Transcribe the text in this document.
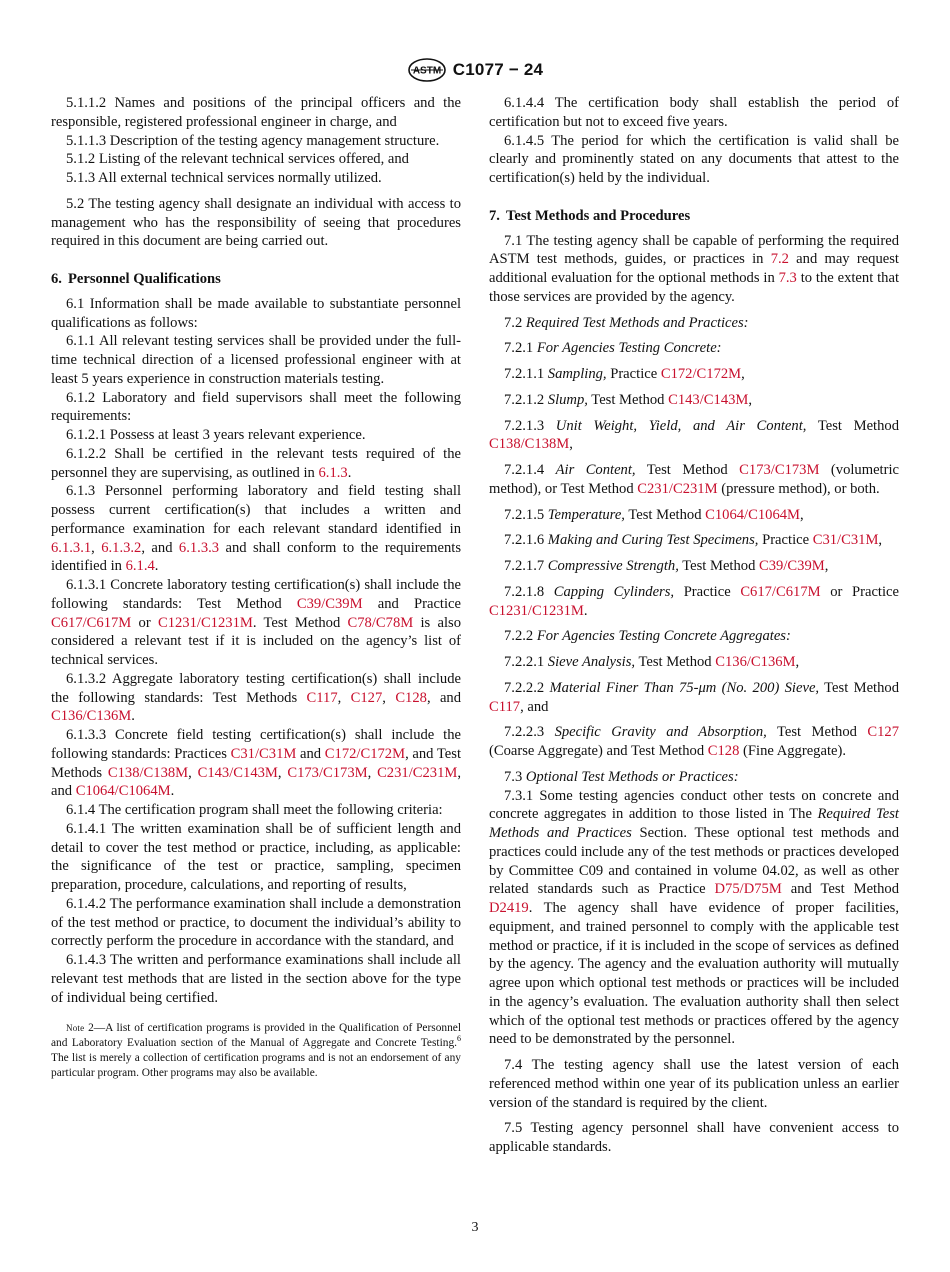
ASTM C1077 − 24

5.1.1.2 Names and positions of the principal officers and the responsible, registered professional engineer in charge, and

5.1.1.3 Description of the testing agency management structure.

5.1.2 Listing of the relevant technical services offered, and

5.1.3 All external technical services normally utilized.

5.2 The testing agency shall designate an individual with access to management who has the responsibility of seeing that procedures required in this document are being carried out.

6. Personnel Qualifications

6.1 Information shall be made available to substantiate personnel qualifications as follows:

6.1.1 All relevant testing services shall be provided under the full-time technical direction of a licensed professional engineer with at least 5 years experience in construction materials testing.

6.1.2 Laboratory and field supervisors shall meet the following requirements:

6.1.2.1 Possess at least 3 years relevant experience.

6.1.2.2 Shall be certified in the relevant tests required of the personnel they are supervising, as outlined in 6.1.3.

6.1.3 Personnel performing laboratory and field testing shall possess current certification(s) that includes a written and performance examination for each relevant standard identified in 6.1.3.1, 6.1.3.2, and 6.1.3.3 and shall conform to the requirements identified in 6.1.4.

6.1.3.1 Concrete laboratory testing certification(s) shall include the following standards: Test Method C39/C39M and Practice C617/C617M or C1231/C1231M. Test Method C78/C78M is also considered a relevant test if it is included on the agency’s list of technical services.

6.1.3.2 Aggregate laboratory testing certification(s) shall include the following standards: Test Methods C117, C127, C128, and C136/C136M.

6.1.3.3 Concrete field testing certification(s) shall include the following standards: Practices C31/C31M and C172/C172M, and Test Methods C138/C138M, C143/C143M, C173/C173M, C231/C231M, and C1064/C1064M.

6.1.4 The certification program shall meet the following criteria:

6.1.4.1 The written examination shall be of sufficient length and detail to cover the test method or practice, including, as applicable: the significance of the test or practice, sampling, specimen preparation, procedure, calculations, and reporting of results,

6.1.4.2 The performance examination shall include a demonstration of the test method or practice, to document the individual’s ability to correctly perform the procedure in accordance with the standard, and

6.1.4.3 The written and performance examinations shall include all relevant test methods that are listed in the section above for the type of individual being certified.

Note 2—A list of certification programs is provided in the Qualification of Personnel and Laboratory Evaluation section of the Manual of Aggregate and Concrete Testing.$^6$ The list is merely a collection of certification programs and is not an endorsement of any particular program. Other programs may also be available.

6.1.4.4 The certification body shall establish the period of certification but not to exceed five years.

6.1.4.5 The period for which the certification is valid shall be clearly and prominently stated on any documents that attest to the certification(s) held by the individual.

7. Test Methods and Procedures

7.1 The testing agency shall be capable of performing the required ASTM test methods, guides, or practices in 7.2 and may request additional evaluation for the optional methods in 7.3 to the extent that those services are provided by the agency.

7.2 Required Test Methods and Practices:

7.2.1 For Agencies Testing Concrete:

7.2.1.1 Sampling, Practice C172/C172M,

7.2.1.2 Slump, Test Method C143/C143M,

7.2.1.3 Unit Weight, Yield, and Air Content, Test Method C138/C138M,

7.2.1.4 Air Content, Test Method C173/C173M (volumetric method), or Test Method C231/C231M (pressure method), or both.

7.2.1.5 Temperature, Test Method C1064/C1064M,

7.2.1.6 Making and Curing Test Specimens, Practice C31/C31M,

7.2.1.7 Compressive Strength, Test Method C39/C39M,

7.2.1.8 Capping Cylinders, Practice C617/C617M or Practice C1231/C1231M.

7.2.2 For Agencies Testing Concrete Aggregates:

7.2.2.1 Sieve Analysis, Test Method C136/C136M,

7.2.2.2 Material Finer Than 75-μm (No. 200) Sieve, Test Method C117, and

7.2.2.3 Specific Gravity and Absorption, Test Method C127 (Coarse Aggregate) and Test Method C128 (Fine Aggregate).

7.3 Optional Test Methods or Practices:

7.3.1 Some testing agencies conduct other tests on concrete and concrete aggregates in addition to those listed in The Required Test Methods and Practices Section. These optional test methods and practices could include any of the test methods or practices developed by Committee C09 and contained in volume 04.02, as well as other related standards such as Practice D75/D75M and Test Method D2419. The agency shall have evidence of proper facilities, equipment, and trained personnel to comply with the applicable test method or practice, if it is included in the scope of services as defined by the agency. The agency and the evaluation authority will mutually agree upon which optional test methods or practices will be included in the agency’s evaluation. The evaluation authority shall then select which of the optional test methods or practices offered by the agency need to be demonstrated by the personnel.

7.4 The testing agency shall use the latest version of each referenced method within one year of its publication unless an earlier version of the standard is required by the client.

7.5 Testing agency personnel shall have convenient access to applicable standards.

3
